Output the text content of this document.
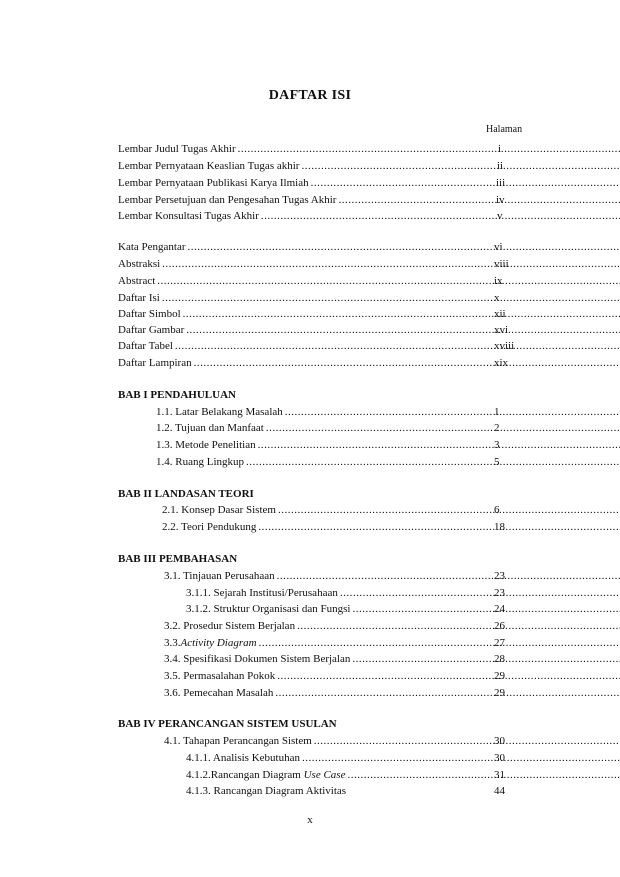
DAFTAR ISI
Halaman
Lembar Judul Tugas Akhir .....	i
Lembar Pernyataan Keaslian Tugas akhir .....	ii
Lembar Pernyataan Publikasi Karya Ilmiah .....	iii
Lembar Persetujuan dan Pengesahan Tugas Akhir .....	iv
Lembar Konsultasi Tugas Akhir .....	v
Kata Pengantar .....	vi
Abstraksi .....	viii
Abstract .....	ix
Daftar Isi .....	x
Daftar Simbol .....	xii
Daftar Gambar .....	xvi
Daftar Tabel .....	xviii
Daftar Lampiran .....	xix
BAB I PENDAHULUAN
1.1. Latar Belakang Masalah .....	1
1.2. Tujuan dan Manfaat .....	2
1.3. Metode Penelitian .....	3
1.4. Ruang Lingkup .....	5
BAB II LANDASAN TEORI
2.1. Konsep Dasar Sistem .....	6
2.2. Teori Pendukung .....	18
BAB III PEMBAHASAN
3.1. Tinjauan Perusahaan .....	23
3.1.1. Sejarah Institusi/Perusahaan .....	23
3.1.2. Struktur Organisasi dan Fungsi .....	24
3.2. Prosedur Sistem Berjalan .....	26
3.3.Activity Diagram .....	27
3.4. Spesifikasi Dokumen Sistem Berjalan .....	28
3.5. Permasalahan Pokok .....	29
3.6. Pemecahan Masalah .....	29
BAB IV PERANCANGAN SISTEM USULAN
4.1. Tahapan Perancangan Sistem .....	30
4.1.1. Analisis Kebutuhan .....	30
4.1.2.Rancangan Diagram Use Case .....	31
4.1.3. Rancangan Diagram Aktivitas	44
x
